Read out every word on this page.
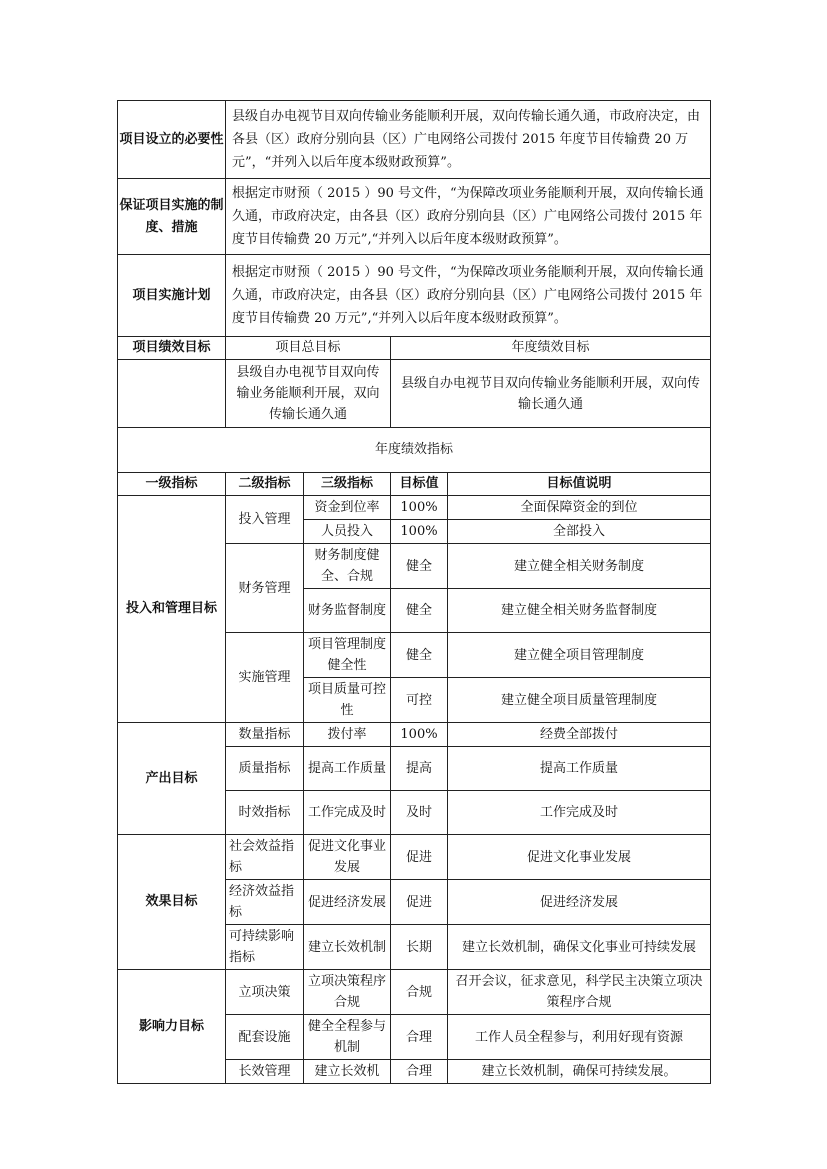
项目设立的必要性	县级自办电视节目双向传输业务能顺利开展，双向传输长通久通，市政府决定，由各县（区）政府分别向县（区）广电网络公司拨付 2015 年度节目传输费 20 万元”，“并列入以后年度本级财政预算”。			
保证项目实施的制度、措施	根据定市财预（ 2015 ）90 号文件，“为保障改项业务能顺利开展，双向传输长通久通，市政府决定，由各县（区）政府分别向县（区）广电网络公司拨付 2015 年度节目传输费 20 万元”,“并列入以后年度本级财政预算”。			
项目实施计划	根据定市财预（ 2015 ）90 号文件，“为保障改项业务能顺利开展，双向传输长通久通，市政府决定，由各县（区）政府分别向县（区）广电网络公司拨付 2015 年度节目传输费 20 万元”,“并列入以后年度本级财政预算”。			
项目绩效目标	项目总目标		年度绩效目标	
	县级自办电视节目双向传输业务能顺利开展，双向传输长通久通		县级自办电视节目双向传输业务能顺利开展，双向传输长通久通	
年度绩效指标				
一级指标	二级指标	三级指标	目标值	目标值说明
投入和管理目标	投入管理	资金到位率	100%	全面保障资金的到位
		人员投入	100%	全部投入
	财务管理	财务制度健全、合规	健全	建立健全相关财务制度
		财务监督制度	健全	建立健全相关财务监督制度
	实施管理	项目管理制度健全性	健全	建立健全项目管理制度
		项目质量可控性	可控	建立健全项目质量管理制度
产出目标	数量指标	拨付率	100%	经费全部拨付
	质量指标	提高工作质量	提高	提高工作质量
	时效指标	工作完成及时	及时	工作完成及时
效果目标	社会效益指标	促进文化事业发展	促进	促进文化事业发展
	经济效益指标	促进经济发展	促进	促进经济发展
	可持续影响指标	建立长效机制	长期	建立长效机制，确保文化事业可持续发展
影响力目标	立项决策	立项决策程序合规	合规	召开会议，征求意见，科学民主决策立项决策程序合规
	配套设施	健全全程参与机制	合理	工作人员全程参与，利用好现有资源
	长效管理	建立长效机	合理	建立长效机制，确保可持续发展。
